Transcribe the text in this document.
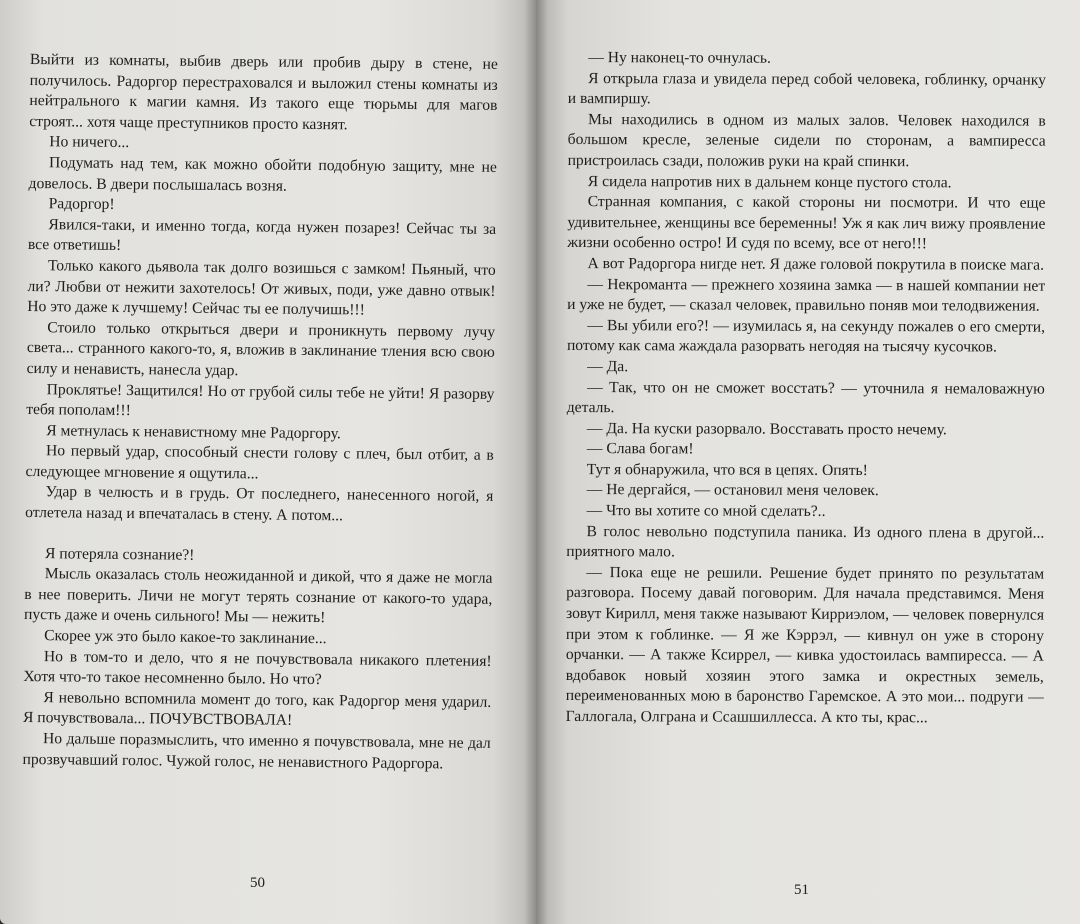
Выйти из комнаты, выбив дверь или пробив дыру в стене, не получилось. Радоргор перестраховался и выложил стены комнаты из нейтрального к магии камня. Из такого еще тюрьмы для магов строят... хотя чаще преступников просто казнят.

Но ничего...

Подумать над тем, как можно обойти подобную защиту, мне не довелось. В двери послышалась возня.

Радоргор!

Явился-таки, и именно тогда, когда нужен позарез! Сейчас ты за все ответишь!

Только какого дьявола так долго возишься с замком! Пьяный, что ли? Любви от нежити захотелось! От живых, поди, уже давно отвык! Но это даже к лучшему! Сейчас ты ее получишь!!!

Стоило только открыться двери и проникнуть первому лучу света... странного какого-то, я, вложив в заклинание тления всю свою силу и ненависть, нанесла удар.

Проклятье! Защитился! Но от грубой силы тебе не уйти! Я разорву тебя пополам!!!

Я метнулась к ненавистному мне Радоргору.

Но первый удар, способный снести голову с плеч, был отбит, а в следующее мгновение я ощутила...

Удар в челюсть и в грудь. От последнего, нанесенного ногой, я отлетела назад и впечаталась в стену. А потом...

Я потеряла сознание?!

Мысль оказалась столь неожиданной и дикой, что я даже не могла в нее поверить. Личи не могут терять сознание от какого-то удара, пусть даже и очень сильного! Мы — нежить!

Скорее уж это было какое-то заклинание...

Но в том-то и дело, что я не почувствовала никакого плетения! Хотя что-то такое несомненно было. Но что?

Я невольно вспомнила момент до того, как Радоргор меня ударил. Я почувствовала... ПОЧУВСТВОВАЛА!

Но дальше поразмыслить, что именно я почувствовала, мне не дал прозвучавший голос. Чужой голос, не ненавистного Радоргора.

50

— Ну наконец-то очнулась.

Я открыла глаза и увидела перед собой человека, гоблинку, орчанку и вампиршу.

Мы находились в одном из малых залов. Человек находился в большом кресле, зеленые сидели по сторонам, а вампиресса пристроилась сзади, положив руки на край спинки.

Я сидела напротив них в дальнем конце пустого стола.

Странная компания, с какой стороны ни посмотри. И что еще удивительнее, женщины все беременны! Уж я как лич вижу проявление жизни особенно остро! И судя по всему, все от него!!!

А вот Радоргора нигде нет. Я даже головой покрутила в поиске мага.

— Некроманта — прежнего хозяина замка — в нашей компании нет и уже не будет, — сказал человек, правильно поняв мои телодвижения.

— Вы убили его?! — изумилась я, на секунду пожалев о его смерти, потому как сама жаждала разорвать негодяя на тысячу кусочков.

— Да.

— Так, что он не сможет восстать? — уточнила я немаловажную деталь.

— Да. На куски разорвало. Восставать просто нечему.

— Слава богам!

Тут я обнаружила, что вся в цепях. Опять!

— Не дергайся, — остановил меня человек.

— Что вы хотите со мной сделать?..

В голос невольно подступила паника. Из одного плена в другой... приятного мало.

— Пока еще не решили. Решение будет принято по результатам разговора. Посему давай поговорим. Для начала представимся. Меня зовут Кирилл, меня также называют Кирриэлом, — человек повернулся при этом к гоблинке. — Я же Кэррэл, — кивнул он уже в сторону орчанки. — А также Ксиррел, — кивка удостоилась вампиресса. — А вдобавок новый хозяин этого замка и окрестных земель, переименованных мою в баронство Гаремское. А это мои... подруги — Галлогала, Олграна и Ссашшиллесса. А кто ты, крас...

51
